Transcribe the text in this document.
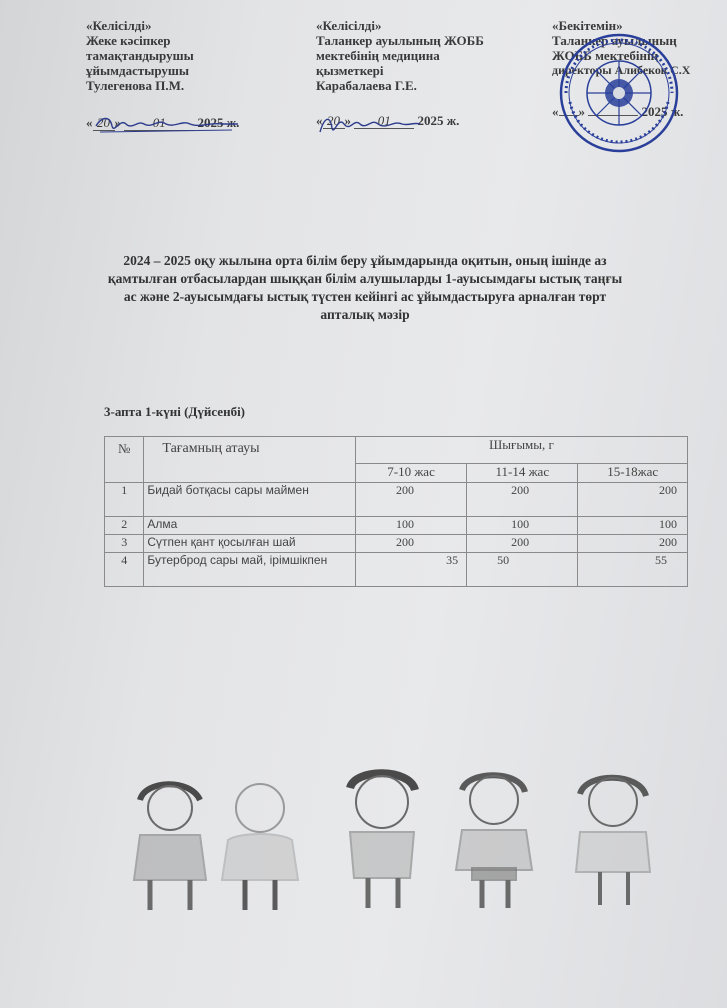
«Келісілді»
Жеке кәсіпкер
тамақтандырушы
ұйымдастырушы
Тулегенова П.М.
« 20 » 01 2025 ж.
«Келісілді»
Таланкер ауылының ЖОББ
мектебінің медицина
қызметкері
Карабалаева Г.Е.
« 20 » 01 2025 ж.
«Бекітемін»
Таланкер ауылының
ЖОББ мектебінің
директоры Алибеков С.Х
« »	2025 ж.
2024 – 2025 оқу жылына орта білім беру ұйымдарында оқитын, оның ішінде аз қамтылған отбасылардан шыққан білім алушыларды 1-ауысымдағы ыстық таңғы ас және 2-ауысымдағы ыстық түстен кейінгі ас ұйымдастыруға арналған төрт апталық мәзір
3-апта 1-күні (Дүйсенбі)
№	Тағамның атауы	Шығымы, г		
		7-10 жас	11-14 жас	15-18жас
1	Бидай ботқасы сары маймен	200	200	200
2	Алма	100	100	100
3	Сүтпен қант қосылған шай	200	200	200
4	Бутерброд сары май, ірімшікпен	35	50	55
